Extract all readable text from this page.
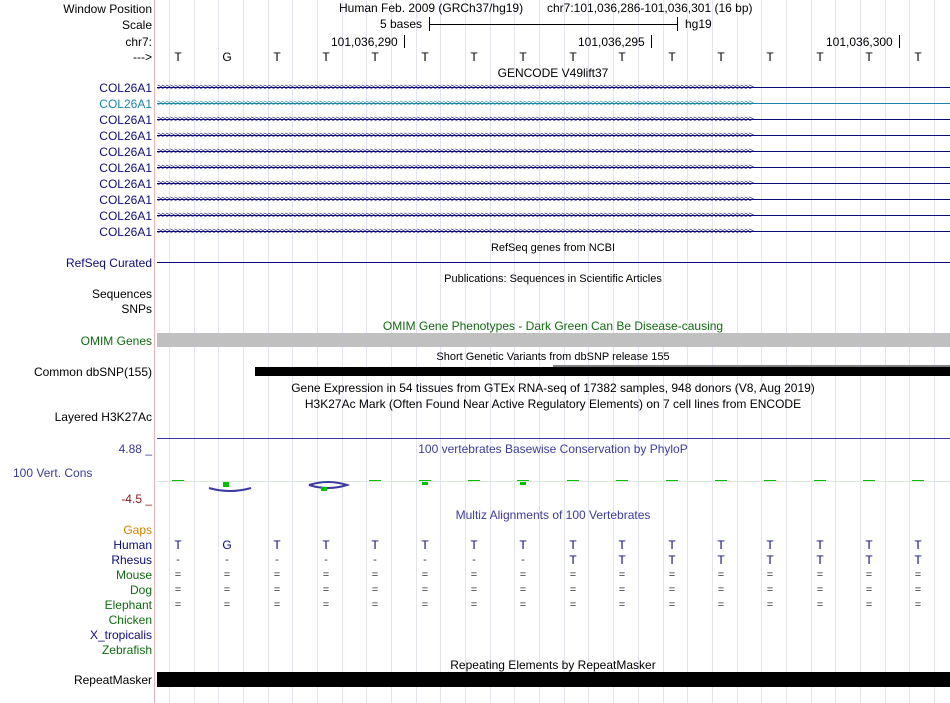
Window Position	Human Feb. 2009 (GRCh37/hg19) chr7:101,036,286-101,036,301 (16 bp)
Scale	5 bases	hg19
chr7:	101,036,290	101,036,295	101,036,300
--->	T	G	T	T	T	T	T	T	T	T	T	T	T	T	T	T
GENCODE V49lift37
COL26A1 >>>>>>>>>>>>>>>>>>>>>>>>>>>>>>>>>>>>>>>>>>>>>>>>>>>>>>>>>>>>>>>>>>>>>>>>>>>>>>>>>>>>>>>>>>>>>>>>>>>>>>>>>>>>>>>>>>>>>>>>>>>>>>>>>>>>>>>>>>>>
COL26A1 >>>>>>>>>>>>>>>>>>>>>>>>>>>>>>>>>>>>>>>>>>>>>>>>>>>>>>>>>>>>>>>>>>>>>>>>>>>>>>>>>>>>>>>>>>>>>>>>>>>>>>>>>>>>>>>>>>>>>>>>>>>>>>>>>>>>>>>>>>>>
COL26A1 >>>>>>>>>>>>>>>>>>>>>>>>>>>>>>>>>>>>>>>>>>>>>>>>>>>>>>>>>>>>>>>>>>>>>>>>>>>>>>>>>>>>>>>>>>>>>>>>>>>>>>>>>>>>>>>>>>>>>>>>>>>>>>>>>>>>>>>>>>>>
COL26A1 >>>>>>>>>>>>>>>>>>>>>>>>>>>>>>>>>>>>>>>>>>>>>>>>>>>>>>>>>>>>>>>>>>>>>>>>>>>>>>>>>>>>>>>>>>>>>>>>>>>>>>>>>>>>>>>>>>>>>>>>>>>>>>>>>>>>>>>>>>>>
COL26A1 >>>>>>>>>>>>>>>>>>>>>>>>>>>>>>>>>>>>>>>>>>>>>>>>>>>>>>>>>>>>>>>>>>>>>>>>>>>>>>>>>>>>>>>>>>>>>>>>>>>>>>>>>>>>>>>>>>>>>>>>>>>>>>>>>>>>>>>>>>>>
COL26A1 >>>>>>>>>>>>>>>>>>>>>>>>>>>>>>>>>>>>>>>>>>>>>>>>>>>>>>>>>>>>>>>>>>>>>>>>>>>>>>>>>>>>>>>>>>>>>>>>>>>>>>>>>>>>>>>>>>>>>>>>>>>>>>>>>>>>>>>>>>>>
COL26A1 >>>>>>>>>>>>>>>>>>>>>>>>>>>>>>>>>>>>>>>>>>>>>>>>>>>>>>>>>>>>>>>>>>>>>>>>>>>>>>>>>>>>>>>>>>>>>>>>>>>>>>>>>>>>>>>>>>>>>>>>>>>>>>>>>>>>>>>>>>>>
COL26A1 >>>>>>>>>>>>>>>>>>>>>>>>>>>>>>>>>>>>>>>>>>>>>>>>>>>>>>>>>>>>>>>>>>>>>>>>>>>>>>>>>>>>>>>>>>>>>>>>>>>>>>>>>>>>>>>>>>>>>>>>>>>>>>>>>>>>>>>>>>>>
COL26A1 >>>>>>>>>>>>>>>>>>>>>>>>>>>>>>>>>>>>>>>>>>>>>>>>>>>>>>>>>>>>>>>>>>>>>>>>>>>>>>>>>>>>>>>>>>>>>>>>>>>>>>>>>>>>>>>>>>>>>>>>>>>>>>>>>>>>>>>>>>>>
COL26A1 >>>>>>>>>>>>>>>>>>>>>>>>>>>>>>>>>>>>>>>>>>>>>>>>>>>>>>>>>>>>>>>>>>>>>>>>>>>>>>>>>>>>>>>>>>>>>>>>>>>>>>>>>>>>>>>>>>>>>>>>>>>>>>>>>>>>>>>>>>>>
RefSeq genes from NCBI
RefSeq Curated
Publications: Sequences in Scientific Articles
Sequences
SNPs
OMIM Gene Phenotypes - Dark Green Can Be Disease-causing
OMIM Genes
Short Genetic Variants from dbSNP release 155
Common dbSNP(155)
Gene Expression in 54 tissues from GTEx RNA-seq of 17382 samples, 948 donors (V8, Aug 2019)
H3K27Ac Mark (Often Found Near Active Regulatory Elements) on 7 cell lines from ENCODE
Layered H3K27Ac
100 vertebrates Basewise Conservation by PhyloP
4.88 _
100 Vert. Cons
-4.5 _
Multiz Alignments of 100 Vertebrates
Gaps
Human	T	G	T	T	T	T	T	T	T	T	T	T	T	T	T	T
Rhesus	-	-	-	-	-	-	-	-	T	T	T	T	T	T	T	T
Mouse	=	=	=	=	=	=	=	=	=	=	=	=	=	=	=	=
Dog	=	=	=	=	=	=	=	=	=	=	=	=	=	=	=	=
Elephant	=	=	=	=	=	=	=	=	=	=	=	=	=	=	=	=
Chicken
X_tropicalis
Zebrafish
Repeating Elements by RepeatMasker
RepeatMasker
